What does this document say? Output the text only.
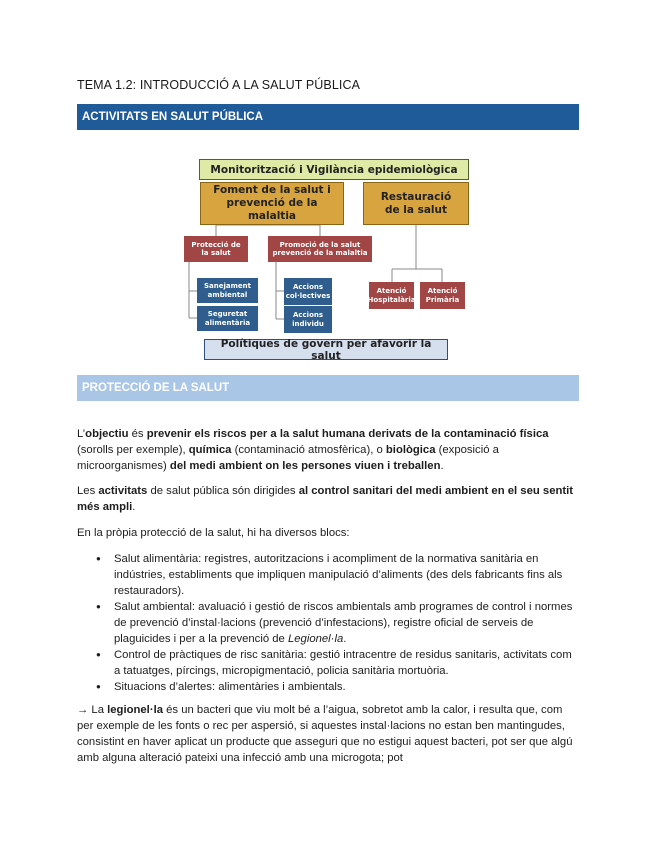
TEMA 1.2: INTRODUCCIÓ A LA SALUT PÚBLICA
ACTIVITATS EN SALUT PÚBLICA
Monitorització i Vigilància epidemiològica
Foment de la salut i
prevenció de la
malaltia
Restauració
de la salut
Protecció de
la salut
Promoció de la salut
prevenció de la malaltia
Sanejament
ambiental
Seguretat
alimentària
Accions
col·lectives
Accions
individu
Atenció
Hospitalària
Atenció
Primària
Polítiques de govern per afavorir la salut
PROTECCIÓ DE LA SALUT
L’objectiu és prevenir els riscos per a la salut humana derivats de la contaminació física (sorolls per exemple), química (contaminació atmosfèrica), o biològica (exposició a microorganismes) del medi ambient on les persones viuen i treballen.
Les activitats de salut pública són dirigides al control sanitari del medi ambient en el seu sentit més ampli.
En la pròpia protecció de la salut, hi ha diversos blocs:
● Salut alimentària: registres, autoritzacions i acompliment de la normativa sanitària en indústries, establiments que impliquen manipulació d’aliments (des dels fabricants fins als restauradors).
● Salut ambiental: avaluació i gestió de riscos ambientals amb programes de control i normes de prevenció d’instal·lacions (prevenció d’infestacions), registre oficial de serveis de plaguicides i per a la prevenció de Legionel·la.
● Control de pràctiques de risc sanitària: gestió intracentre de residus sanitaris, activitats com a tatuatges, pírcings, micropigmentació, policia sanitària mortuòria.
● Situacions d’alertes: alimentàries i ambientals.
→ La legionel·la és un bacteri que viu molt bé a l’aigua, sobretot amb la calor, i resulta que, com per exemple de les fonts o rec per aspersió, si aquestes instal·lacions no estan ben mantingudes, consistint en haver aplicat un producte que asseguri que no estigui aquest bacteri, pot ser que algú amb alguna alteració pateixi una infecció amb una microgota; pot
